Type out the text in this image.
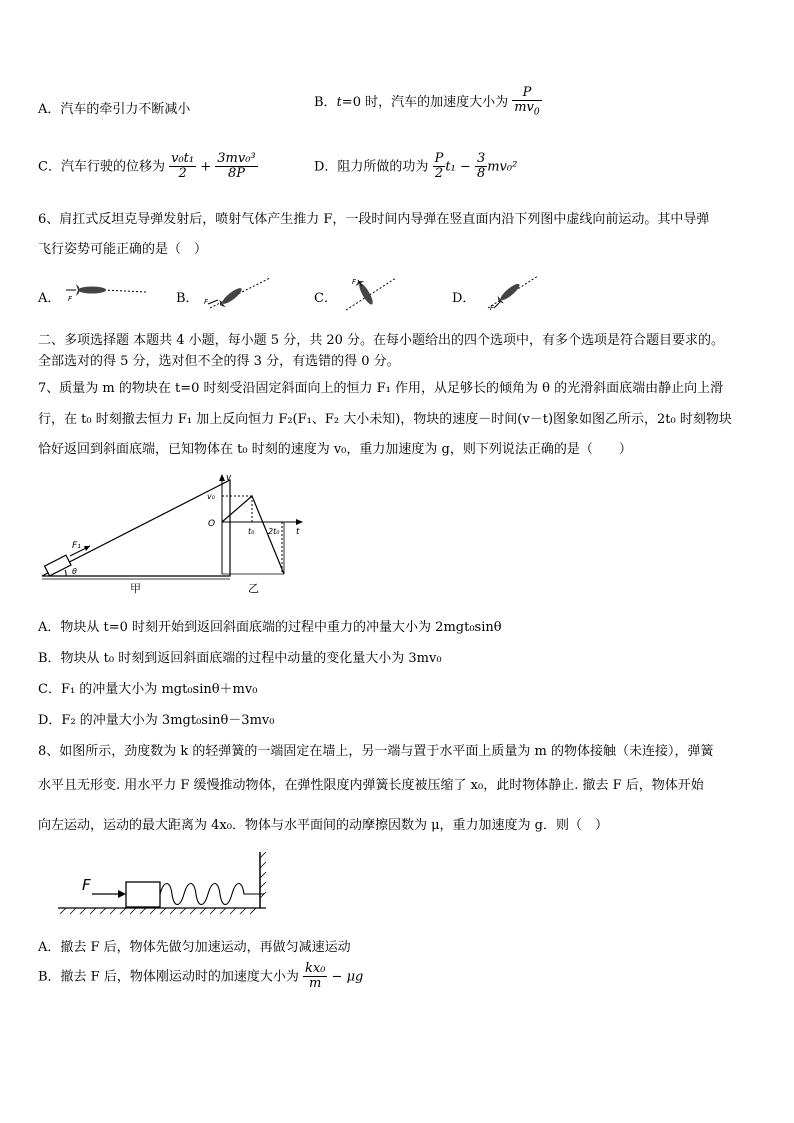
A．汽车的牵引力不断减小	B．t=0 时，汽车的加速度大小为 $\frac{P}{mv_0}$
C．汽车行驶的位移为 $\frac{\text{v₀t₁}}{2} + \frac{\text{3mv₀³}}{8P}$	D．阻力所做的功为 $\frac{P}{2} t_1 - \frac{3}{8} mv_0^2$
6、肩扛式反坦克导弹发射后，喷射气体产生推力 F，一段时间内导弹在竖直面内沿下列图中虚线向前运动。其中导弹
飞行姿势可能正确的是（　）
A． F	B． F	C．
F
D．
F
二、多项选择题 本题共 4 小题，每小题 5 分，共 20 分。在每小题给出的四个选项中，有多个选项是符合题目要求的。
全部选对的得 5 分，选对但不全的得 3 分，有选错的得 0 分。
7、质量为 m 的物块在 t=0 时刻受沿固定斜面向上的恒力 F₁ 作用，从足够长的倾角为 θ 的光滑斜面底端由静止向上滑
行，在 t₀ 时刻撤去恒力 F₁ 加上反向恒力 F₂(F₁、F₂ 大小未知)，物块的速度－时间(v－t)图象如图乙所示，2t₀ 时刻物块
恰好返回到斜面底端，已知物体在 t₀ 时刻的速度为 v₀，重力加速度为 g，则下列说法正确的是（　　）
F₁
θ
甲
v
v₀
O
t₀ 2t₀ t
乙
A．物块从 t=0 时刻开始到返回斜面底端的过程中重力的冲量大小为 2mgt₀sinθ
B．物块从 t₀ 时刻到返回斜面底端的过程中动量的变化量大小为 3mv₀
C．F₁ 的冲量大小为 mgt₀sinθ＋mv₀
D．F₂ 的冲量大小为 3mgt₀sinθ－3mv₀
8、如图所示，劲度数为 k 的轻弹簧的一端固定在墙上，另一端与置于水平面上质量为 m 的物体接触（未连接），弹簧
水平且无形变. 用水平力 F 缓慢推动物体，在弹性限度内弹簧长度被压缩了 x₀，此时物体静止. 撤去 F 后，物体开始
向左运动，运动的最大距离为 4x₀．物体与水平面间的动摩擦因数为 μ，重力加速度为 g．则（　）
F
A．撤去 F 后，物体先做匀加速运动，再做匀减速运动
B．撤去 F 后，物体刚运动时的加速度大小为 $\frac{\text{kx₀}}{m} - \mu g$
